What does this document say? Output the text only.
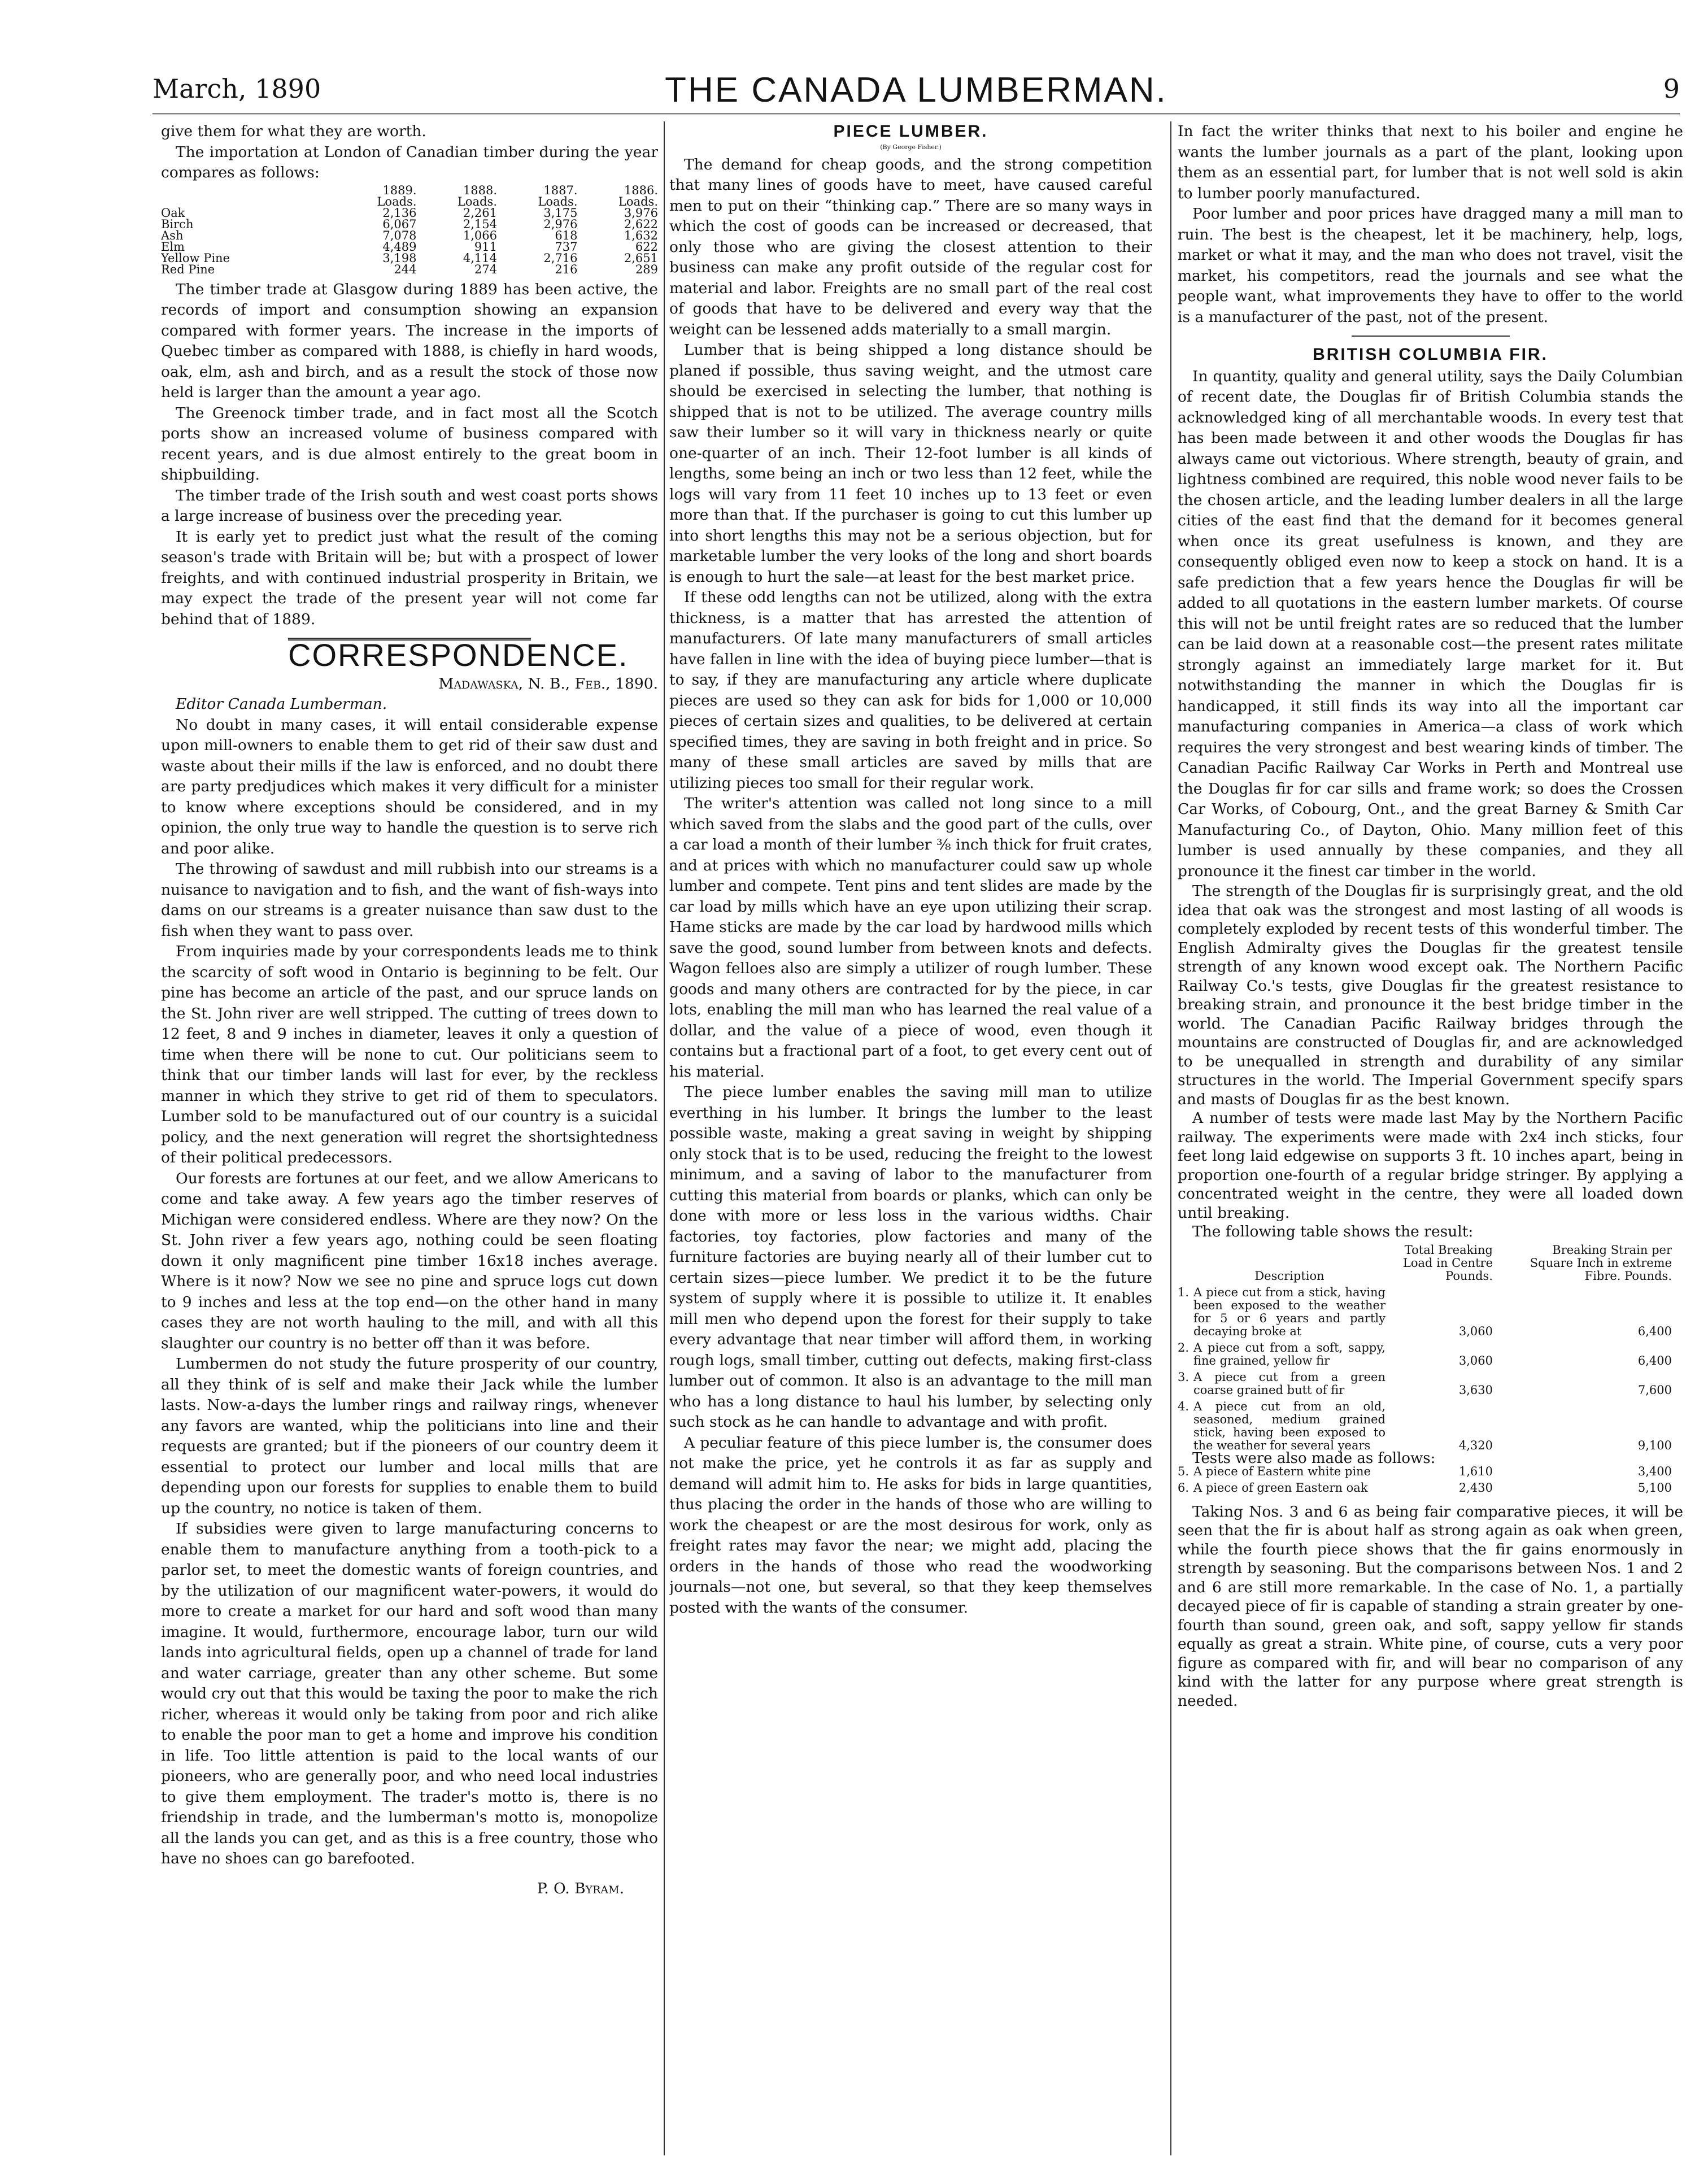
March, 1890	THE CANADA LUMBERMAN.	9

give them for what they are worth.

The importation at London of Canadian timber during the year compares as follows:

	1889. Loads.	1888. Loads.	1887. Loads.	1886. Loads.
Oak	2,136	2,261	3,175	3,976
Birch	6,067	2,154	2,976	2,622
Ash	7,078	1,066	618	1,632
Elm	4,489	911	737	622
Yellow Pine	3,198	4,114	2,716	2,651
Red Pine	244	274	216	289

The timber trade at Glasgow during 1889 has been active, the records of import and consumption showing an expansion compared with former years. The increase in the imports of Quebec timber as compared with 1888, is chiefly in hard woods, oak, elm, ash and birch, and as a result the stock of those now held is larger than the amount a year ago.

The Greenock timber trade, and in fact most all the Scotch ports show an increased volume of business compared with recent years, and is due almost entirely to the great boom in shipbuilding.

The timber trade of the Irish south and west coast ports shows a large increase of business over the preceding year.

It is early yet to predict just what the result of the coming season's trade with Britain will be; but with a prospect of lower freights, and with continued industrial prosperity in Britain, we may expect the trade of the present year will not come far behind that of 1889.

CORRESPONDENCE.

Madawaska, N. B., Feb., 1890.

Editor Canada Lumberman.

No doubt in many cases, it will entail considerable expense upon mill-owners to enable them to get rid of their saw dust and waste about their mills if the law is enforced, and no doubt there are party predjudices which makes it very difficult for a minister to know where exceptions should be considered, and in my opinion, the only true way to handle the question is to serve rich and poor alike.

The throwing of sawdust and mill rubbish into our streams is a nuisance to navigation and to fish, and the want of fish-ways into dams on our streams is a greater nuisance than saw dust to the fish when they want to pass over.

From inquiries made by your correspondents leads me to think the scarcity of soft wood in Ontario is beginning to be felt. Our pine has become an article of the past, and our spruce lands on the St. John river are well stripped. The cutting of trees down to 12 feet, 8 and 9 inches in diameter, leaves it only a question of time when there will be none to cut. Our politicians seem to think that our timber lands will last for ever, by the reckless manner in which they strive to get rid of them to speculators. Lumber sold to be manufactured out of our country is a suicidal policy, and the next generation will regret the shortsightedness of their political predecessors.

Our forests are fortunes at our feet, and we allow Americans to come and take away. A few years ago the timber reserves of Michigan were considered endless. Where are they now? On the St. John river a few years ago, nothing could be seen floating down it only magnificent pine timber 16x18 inches average. Where is it now? Now we see no pine and spruce logs cut down to 9 inches and less at the top end—on the other hand in many cases they are not worth hauling to the mill, and with all this slaughter our country is no better off than it was before.

Lumbermen do not study the future prosperity of our country, all they think of is self and make their Jack while the lumber lasts. Now-a-days the lumber rings and railway rings, whenever any favors are wanted, whip the politicians into line and their requests are granted; but if the pioneers of our country deem it essential to protect our lumber and local mills that are depending upon our forests for supplies to enable them to build up the country, no notice is taken of them.

If subsidies were given to large manufacturing concerns to enable them to manufacture anything from a tooth-pick to a parlor set, to meet the domestic wants of foreign countries, and by the utilization of our magnificent water-powers, it would do more to create a market for our hard and soft wood than many imagine. It would, furthermore, encourage labor, turn our wild lands into agricultural fields, open up a channel of trade for land and water carriage, greater than any other scheme. But some would cry out that this would be taxing the poor to make the rich richer, whereas it would only be taking from poor and rich alike to enable the poor man to get a home and improve his condition in life. Too little attention is paid to the local wants of our pioneers, who are generally poor, and who need local industries to give them employment. The trader's motto is, there is no friendship in trade, and the lumberman's motto is, monopolize all the lands you can get, and as this is a free country, those who have no shoes can go barefooted.

P. O. Byram.

PIECE LUMBER.
(By George Fisher.)

The demand for cheap goods, and the strong competition that many lines of goods have to meet, have caused careful men to put on their “thinking cap.” There are so many ways in which the cost of goods can be increased or decreased, that only those who are giving the closest attention to their business can make any profit outside of the regular cost for material and labor. Freights are no small part of the real cost of goods that have to be delivered and every way that the weight can be lessened adds materially to a small margin.

Lumber that is being shipped a long distance should be planed if possible, thus saving weight, and the utmost care should be exercised in selecting the lumber, that nothing is shipped that is not to be utilized. The average country mills saw their lumber so it will vary in thickness nearly or quite one-quarter of an inch. Their 12-foot lumber is all kinds of lengths, some being an inch or two less than 12 feet, while the logs will vary from 11 feet 10 inches up to 13 feet or even more than that. If the purchaser is going to cut this lumber up into short lengths this may not be a serious objection, but for marketable lumber the very looks of the long and short boards is enough to hurt the sale—at least for the best market price.

If these odd lengths can not be utilized, along with the extra thickness, is a matter that has arrested the attention of manufacturers. Of late many manufacturers of small articles have fallen in line with the idea of buying piece lumber—that is to say, if they are manufacturing any article where duplicate pieces are used so they can ask for bids for 1,000 or 10,000 pieces of certain sizes and qualities, to be delivered at certain specified times, they are saving in both freight and in price. So many of these small articles are saved by mills that are utilizing pieces too small for their regular work.

The writer's attention was called not long since to a mill which saved from the slabs and the good part of the culls, over a car load a month of their lumber ⅜ inch thick for fruit crates, and at prices with which no manufacturer could saw up whole lumber and compete. Tent pins and tent slides are made by the car load by mills which have an eye upon utilizing their scrap. Hame sticks are made by the car load by hardwood mills which save the good, sound lumber from between knots and defects. Wagon felloes also are simply a utilizer of rough lumber. These goods and many others are contracted for by the piece, in car lots, enabling the mill man who has learned the real value of a dollar, and the value of a piece of wood, even though it contains but a fractional part of a foot, to get every cent out of his material.

The piece lumber enables the saving mill man to utilize everthing in his lumber. It brings the lumber to the least possible waste, making a great saving in weight by shipping only stock that is to be used, reducing the freight to the lowest minimum, and a saving of labor to the manufacturer from cutting this material from boards or planks, which can only be done with more or less loss in the various widths. Chair factories, toy factories, plow factories and many of the furniture factories are buying nearly all of their lumber cut to certain sizes—piece lumber. We predict it to be the future system of supply where it is possible to utilize it. It enables mill men who depend upon the forest for their supply to take every advantage that near timber will afford them, in working rough logs, small timber, cutting out defects, making first-class lumber out of common. It also is an advantage to the mill man who has a long distance to haul his lumber, by selecting only such stock as he can handle to advantage and with profit.

A peculiar feature of this piece lumber is, the consumer does not make the price, yet he controls it as far as supply and demand will admit him to. He asks for bids in large quantities, thus placing the order in the hands of those who are willing to work the cheapest or are the most desirous for work, only as freight rates may favor the near; we might add, placing the orders in the hands of those who read the woodworking journals—not one, but several, so that they keep themselves posted with the wants of the consumer.

In fact the writer thinks that next to his boiler and engine he wants the lumber journals as a part of the plant, looking upon them as an essential part, for lumber that is not well sold is akin to lumber poorly manufactured.

Poor lumber and poor prices have dragged many a mill man to ruin. The best is the cheapest, let it be machinery, help, logs, market or what it may, and the man who does not travel, visit the market, his competitors, read the journals and see what the people want, what improvements they have to offer to the world is a manufacturer of the past, not of the present.

BRITISH COLUMBIA FIR.

In quantity, quality and general utility, says the Daily Columbian of recent date, the Douglas fir of British Columbia stands the acknowledged king of all merchantable woods. In every test that has been made between it and other woods the Douglas fir has always came out victorious. Where strength, beauty of grain, and lightness combined are required, this noble wood never fails to be the chosen article, and the leading lumber dealers in all the large cities of the east find that the demand for it becomes general when once its great usefulness is known, and they are consequently obliged even now to keep a stock on hand. It is a safe prediction that a few years hence the Douglas fir will be added to all quotations in the eastern lumber markets. Of course this will not be until freight rates are so reduced that the lumber can be laid down at a reasonable cost—the present rates militate strongly against an immediately large market for it. But notwithstanding the manner in which the Douglas fir is handicapped, it still finds its way into all the important car manufacturing companies in America—a class of work which requires the very strongest and best wearing kinds of timber. The Canadian Pacific Railway Car Works in Perth and Montreal use the Douglas fir for car sills and frame work; so does the Crossen Car Works, of Cobourg, Ont., and the great Barney & Smith Car Manufacturing Co., of Dayton, Ohio. Many million feet of this lumber is used annually by these companies, and they all pronounce it the finest car timber in the world.

The strength of the Douglas fir is surprisingly great, and the old idea that oak was the strongest and most lasting of all woods is completely exploded by recent tests of this wonderful timber. The English Admiralty gives the Douglas fir the greatest tensile strength of any known wood except oak. The Northern Pacific Railway Co.'s tests, give Douglas fir the greatest resistance to breaking strain, and pronounce it the best bridge timber in the world. The Canadian Pacific Railway bridges through the mountains are constructed of Douglas fir, and are acknowledged to be unequalled in strength and durability of any similar structures in the world. The Imperial Government specify spars and masts of Douglas fir as the best known.

A number of tests were made last May by the Northern Pacific railway. The experiments were made with 2x4 inch sticks, four feet long laid edgewise on supports 3 ft. 10 inches apart, being in proportion one-fourth of a regular bridge stringer. By applying a concentrated weight in the centre, they were all loaded down until breaking.

The following table shows the result:

	Description	Total Breaking Load in Centre Pounds.	Breaking Strain per Square Inch in extreme Fibre. Pounds.
1.	A piece cut from a stick, having been exposed to the weather for 5 or 6 years and partly decaying broke at	3,060	6,400
2.	A piece cut from a soft, sappy, fine grained, yellow fir	3,060	6,400
3.	A piece cut from a green coarse grained butt of fir	3,630	7,600
4.	A piece cut from an old, seasoned, medium grained stick, having been exposed to the weather for several years	4,320	9,100
Tests were also made as follows:			
5.	A piece of Eastern white pine	1,610	3,400
6.	A piece of green Eastern oak	2,430	5,100

Taking Nos. 3 and 6 as being fair comparative pieces, it will be seen that the fir is about half as strong again as oak when green, while the fourth piece shows that the fir gains enormously in strength by seasoning. But the comparisons between Nos. 1 and 2 and 6 are still more remarkable. In the case of No. 1, a partially decayed piece of fir is capable of standing a strain greater by one-fourth than sound, green oak, and soft, sappy yellow fir stands equally as great a strain. White pine, of course, cuts a very poor figure as compared with fir, and will bear no comparison of any kind with the latter for any purpose where great strength is needed.
